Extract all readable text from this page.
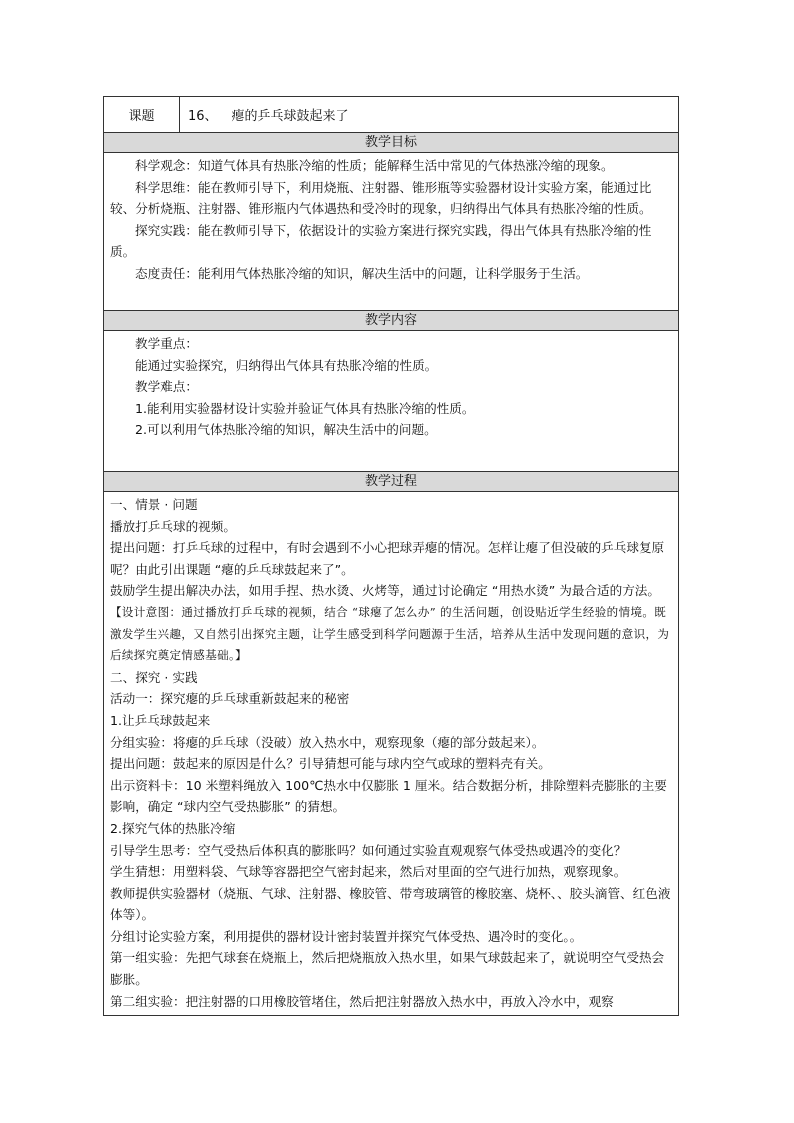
课题	16、 瘪的乒乓球鼓起来了
教学目标

科学观念：知道气体具有热胀冷缩的性质；能解释生活中常见的气体热涨冷缩的现象。

科学思维：能在教师引导下，利用烧瓶、注射器、锥形瓶等实验器材设计实验方案，能通过比较、分析烧瓶、注射器、锥形瓶内气体遇热和受冷时的现象，归纳得出气体具有热胀冷缩的性质。

探究实践：能在教师引导下，依据设计的实验方案进行探究实践，得出气体具有热胀冷缩的性质。

态度责任：能利用气体热胀冷缩的知识，解决生活中的问题，让科学服务于生活。

教学内容

教学重点：

能通过实验探究，归纳得出气体具有热胀冷缩的性质。

教学难点：

1.能利用实验器材设计实验并验证气体具有热胀冷缩的性质。

2.可以利用气体热胀冷缩的知识，解决生活中的问题。

教学过程

一、情景 · 问题

播放打乒乓球的视频。

提出问题：打乒乓球的过程中，有时会遇到不小心把球弄瘪的情况。怎样让瘪了但没破的乒乓球复原呢？由此引出课题 “瘪的乒乓球鼓起来了”。

鼓励学生提出解决办法，如用手捏、热水烫、火烤等，通过讨论确定 “用热水烫” 为最合适的方法。

【设计意图：通过播放打乒乓球的视频，结合 “球瘪了怎么办” 的生活问题，创设贴近学生经验的情境。既激发学生兴趣，又自然引出探究主题，让学生感受到科学问题源于生活，培养从生活中发现问题的意识，为后续探究奠定情感基础。】

二、探究 · 实践

活动一：探究瘪的乒乓球重新鼓起来的秘密

1.让乒乓球鼓起来

分组实验：将瘪的乒乓球（没破）放入热水中，观察现象（瘪的部分鼓起来）。

提出问题：鼓起来的原因是什么？引导猜想可能与球内空气或球的塑料壳有关。

出示资料卡：10 米塑料绳放入 100℃热水中仅膨胀 1 厘米。结合数据分析，排除塑料壳膨胀的主要影响，确定 “球内空气受热膨胀” 的猜想。

2.探究气体的热胀冷缩

引导学生思考：空气受热后体积真的膨胀吗？如何通过实验直观观察气体受热或遇冷的变化？

学生猜想：用塑料袋、气球等容器把空气密封起来，然后对里面的空气进行加热，观察现象。

教师提供实验器材（烧瓶、气球、注射器、橡胶管、带弯玻璃管的橡胶塞、烧杯、、胶头滴管、红色液体等）。

分组讨论实验方案，利用提供的器材设计密封装置并探究气体受热、遇冷时的变化。。

第一组实验：先把气球套在烧瓶上，然后把烧瓶放入热水里，如果气球鼓起来了，就说明空气受热会膨胀。

第二组实验：把注射器的口用橡胶管堵住，然后把注射器放入热水中，再放入冷水中，观察
